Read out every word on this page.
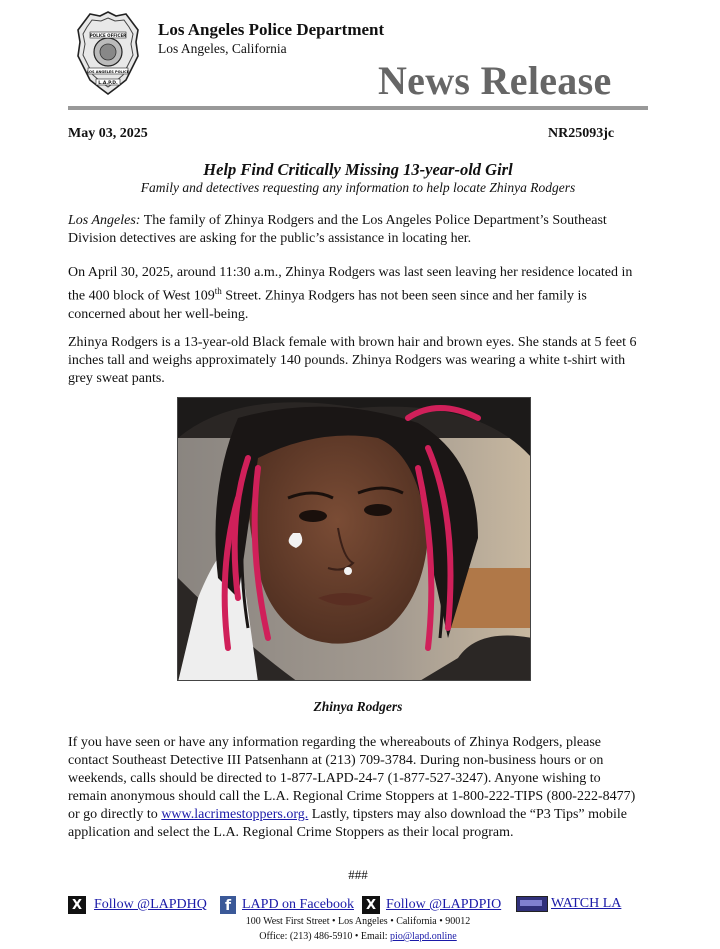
POLICE OFFICER
LOS ANGELES POLICE
L.A.P.D.
Los Angeles Police Department
Los Angeles, California
News Release
May 03, 2025	NR25093jc
Help Find Critically Missing 13-year-old Girl
Family and detectives requesting any information to help locate Zhinya Rodgers
Los Angeles: The family of Zhinya Rodgers and the Los Angeles Police Department’s Southeast Division detectives are asking for the public’s assistance in locating her.
On April 30, 2025, around 11:30 a.m., Zhinya Rodgers was last seen leaving her residence located in the 400 block of West 109th Street. Zhinya Rodgers has not been seen since and her family is concerned about her well-being.
Zhinya Rodgers is a 13-year-old Black female with brown hair and brown eyes. She stands at 5 feet 6 inches tall and weighs approximately 140 pounds. Zhinya Rodgers was wearing a white t-shirt with grey sweat pants.
Zhinya Rodgers
If you have seen or have any information regarding the whereabouts of Zhinya Rodgers, please contact Southeast Detective III Patsenhann at (213) 709-3784. During non-business hours or on weekends, calls should be directed to 1-877-LAPD-24-7 (1-877-527-3247). Anyone wishing to remain anonymous should call the L.A. Regional Crime Stoppers at 1-800-222-TIPS (800-222-8477) or go directly to www.lacrimestoppers.org. Lastly, tipsters may also download the “P3 Tips” mobile application and select the L.A. Regional Crime Stoppers as their local program.
###
X Follow @LAPDHQ	f LAPD on Facebook X Follow @LAPDPIO	WATCH LA
100 West First Street • Los Angeles • California • 90012
Office: (213) 486-5910 • Email: pio@lapd.online
